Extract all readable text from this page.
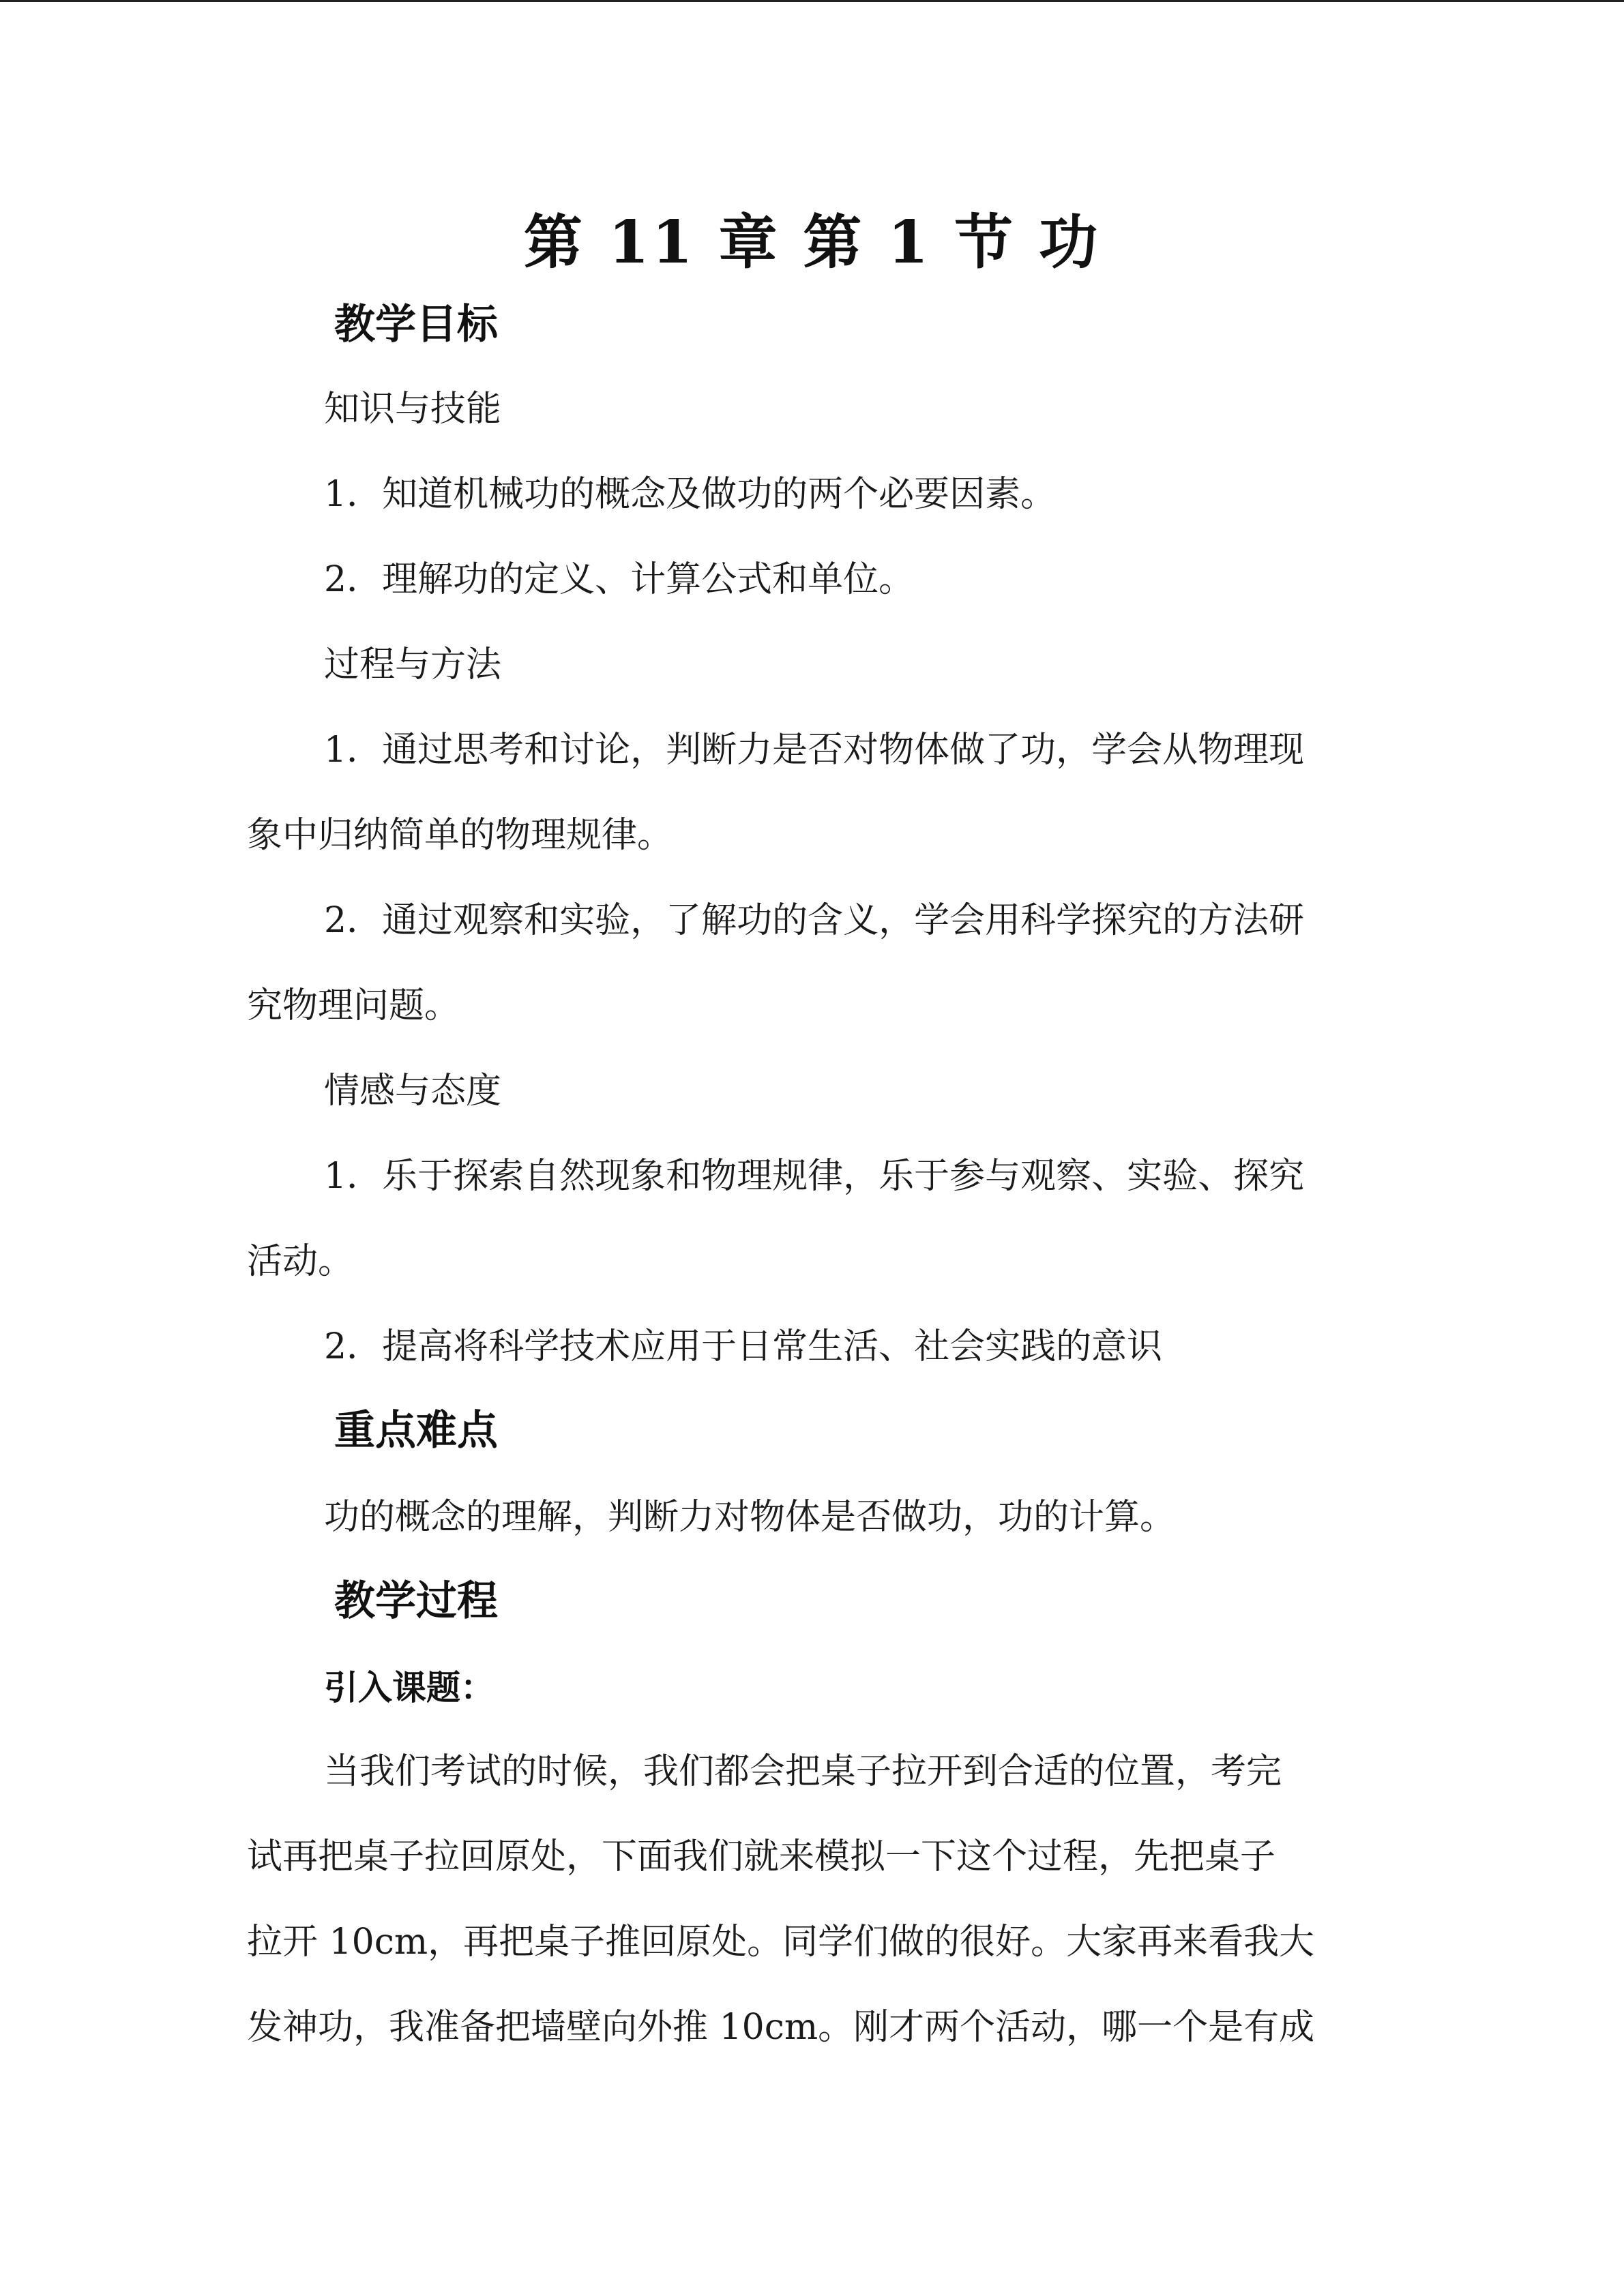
第 11 章 第 1 节 功
教学目标
知识与技能
1．知道机械功的概念及做功的两个必要因素。
2．理解功的定义、计算公式和单位。
过程与方法
1．通过思考和讨论，判断力是否对物体做了功，学会从物理现
象中归纳简单的物理规律。
2．通过观察和实验，了解功的含义，学会用科学探究的方法研
究物理问题。
情感与态度
1．乐于探索自然现象和物理规律，乐于参与观察、实验、探究
活动。
2．提高将科学技术应用于日常生活、社会实践的意识
重点难点
功的概念的理解，判断力对物体是否做功，功的计算。
教学过程
引入课题：
当我们考试的时候，我们都会把桌子拉开到合适的位置，考完
试再把桌子拉回原处，下面我们就来模拟一下这个过程，先把桌子
拉开 10cm，再把桌子推回原处。同学们做的很好。大家再来看我大
发神功，我准备把墙壁向外推 10cm。刚才两个活动，哪一个是有成
